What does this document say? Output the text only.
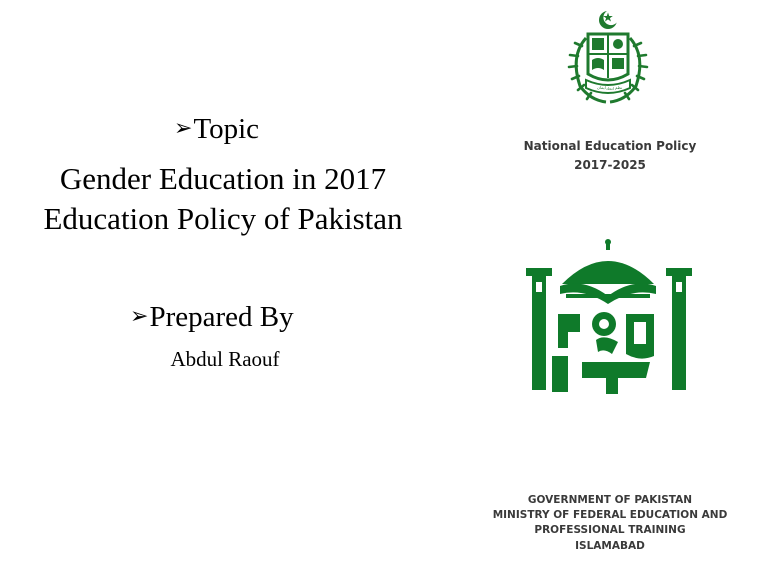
➢Topic
Gender Education in 2017
Education Policy of Pakistan
➢Prepared By
Abdul Raouf
ایمان اتحاد نظم
National Education Policy
2017-2025
GOVERNMENT OF PAKISTAN
MINISTRY OF FEDERAL EDUCATION AND
PROFESSIONAL TRAINING
ISLAMABAD
